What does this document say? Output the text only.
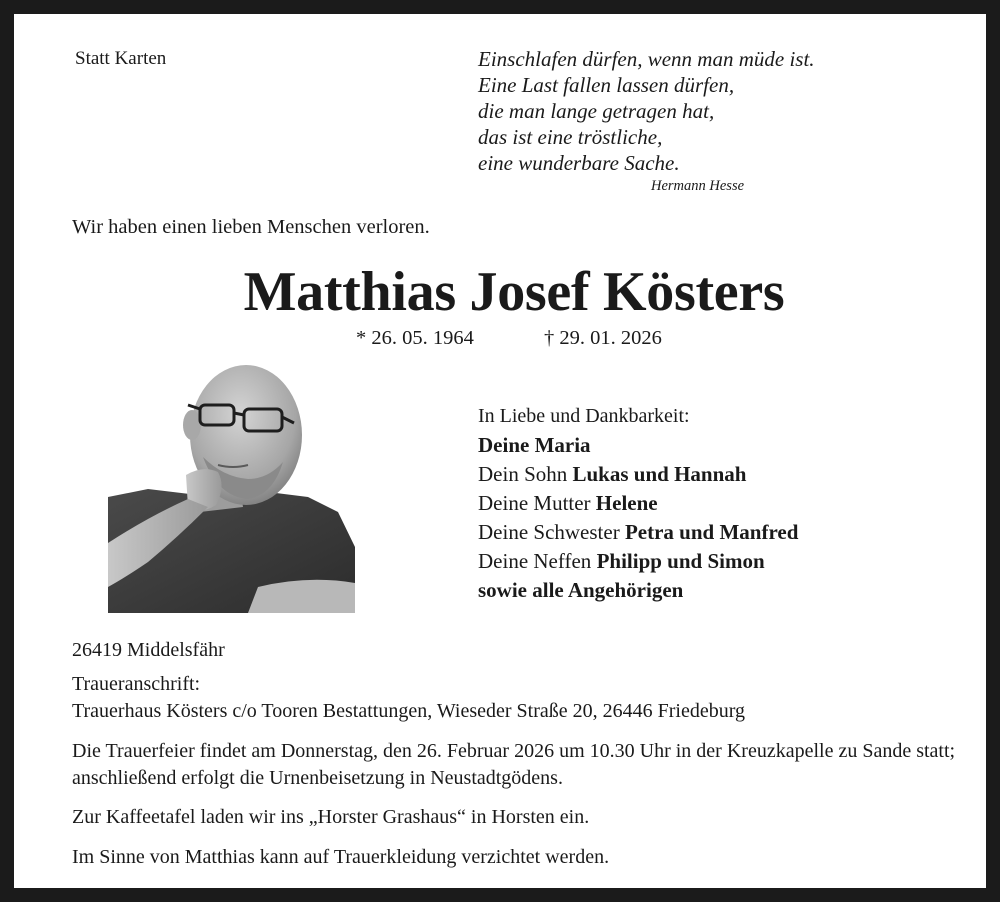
Statt Karten	Einschlafen dürfen, wenn man müde ist.
Eine Last fallen lassen dürfen,
die man lange getragen hat,
das ist eine tröstliche,
eine wunderbare Sache.
Hermann Hesse
Wir haben einen lieben Menschen verloren.
Matthias Josef Kösters
* 26. 05. 1964	† 29. 01. 2026
In Liebe und Dankbarkeit:
Deine Maria
Dein Sohn Lukas und Hannah
Deine Mutter Helene
Deine Schwester Petra und Manfred
Deine Neffen Philipp und Simon
sowie alle Angehörigen
26419 Middelsfähr
Traueranschrift:
Trauerhaus Kösters c/o Tooren Bestattungen, Wieseder Straße 20, 26446 Friedeburg
Die Trauerfeier findet am Donnerstag, den 26. Februar 2026 um 10.30 Uhr in der Kreuzkapelle zu Sande statt; anschließend erfolgt die Urnenbeisetzung in Neustadtgödens.
Zur Kaffeetafel laden wir ins „Horster Grashaus“ in Horsten ein.
Im Sinne von Matthias kann auf Trauerkleidung verzichtet werden.
